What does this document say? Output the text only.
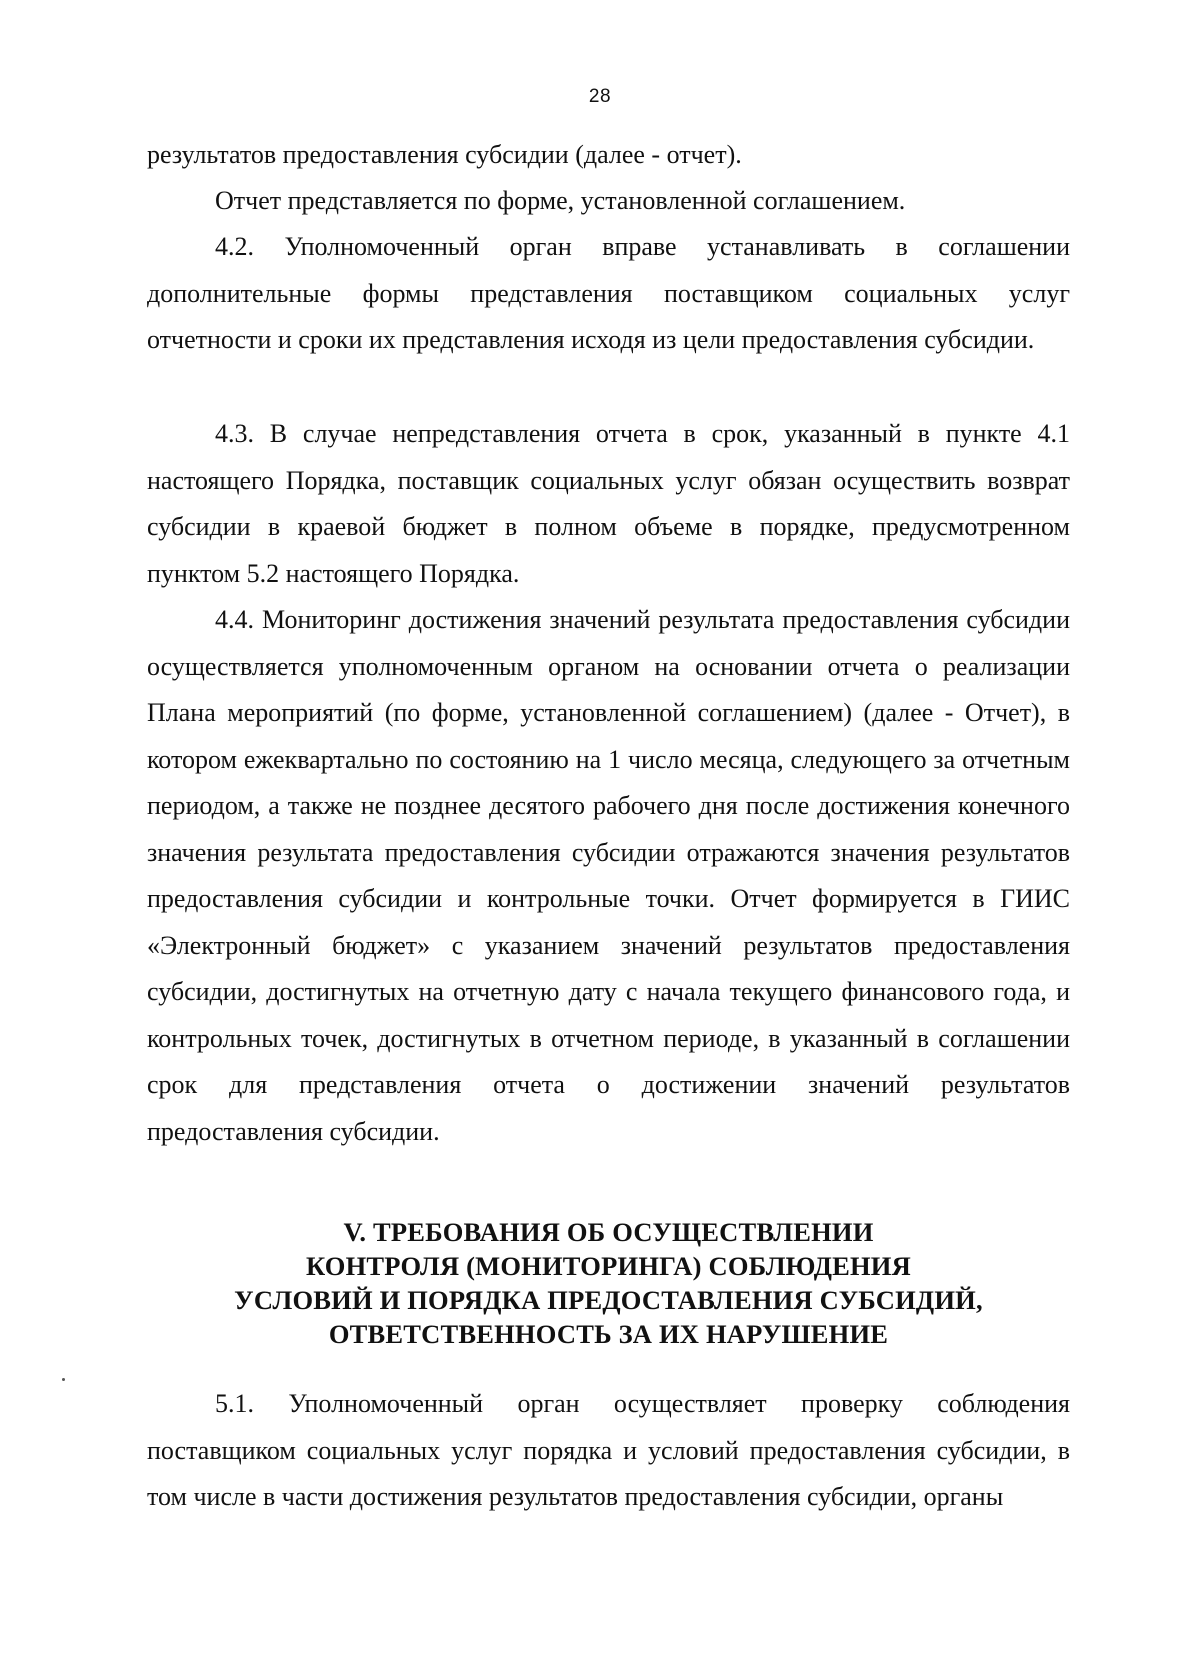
28

результатов предоставления субсидии (далее - отчет).

Отчет представляется по форме, установленной соглашением.

4.2. Уполномоченный орган вправе устанавливать в соглашении дополнительные формы представления поставщиком социальных услуг отчетности и сроки их представления исходя из цели предоставления субсидии.

4.3. В случае непредставления отчета в срок, указанный в пункте 4.1 настоящего Порядка, поставщик социальных услуг обязан осуществить возврат субсидии в краевой бюджет в полном объеме в порядке, предусмотренном пунктом 5.2 настоящего Порядка.

4.4. Мониторинг достижения значений результата предоставления субсидии осуществляется уполномоченным органом на основании отчета о реализации Плана мероприятий (по форме, установленной соглашением) (далее - Отчет), в котором ежеквартально по состоянию на 1 число месяца, следующего за отчетным периодом, а также не позднее десятого рабочего дня после достижения конечного значения результата предоставления субсидии отражаются значения результатов предоставления субсидии и контрольные точки. Отчет формируется в ГИИС «Электронный бюджет» с указанием значений результатов предоставления субсидии, достигнутых на отчетную дату с начала текущего финансового года, и контрольных точек, достигнутых в отчетном периоде, в указанный в соглашении срок для представления отчета о достижении значений результатов предоставления субсидии.

V. ТРЕБОВАНИЯ ОБ ОСУЩЕСТВЛЕНИИ
КОНТРОЛЯ (МОНИТОРИНГА) СОБЛЮДЕНИЯ
УСЛОВИЙ И ПОРЯДКА ПРЕДОСТАВЛЕНИЯ СУБСИДИЙ,
ОТВЕТСТВЕННОСТЬ ЗА ИХ НАРУШЕНИЕ

5.1. Уполномоченный орган осуществляет проверку соблюдения поставщиком социальных услуг порядка и условий предоставления субсидии, в том числе в части достижения результатов предоставления субсидии, органы
